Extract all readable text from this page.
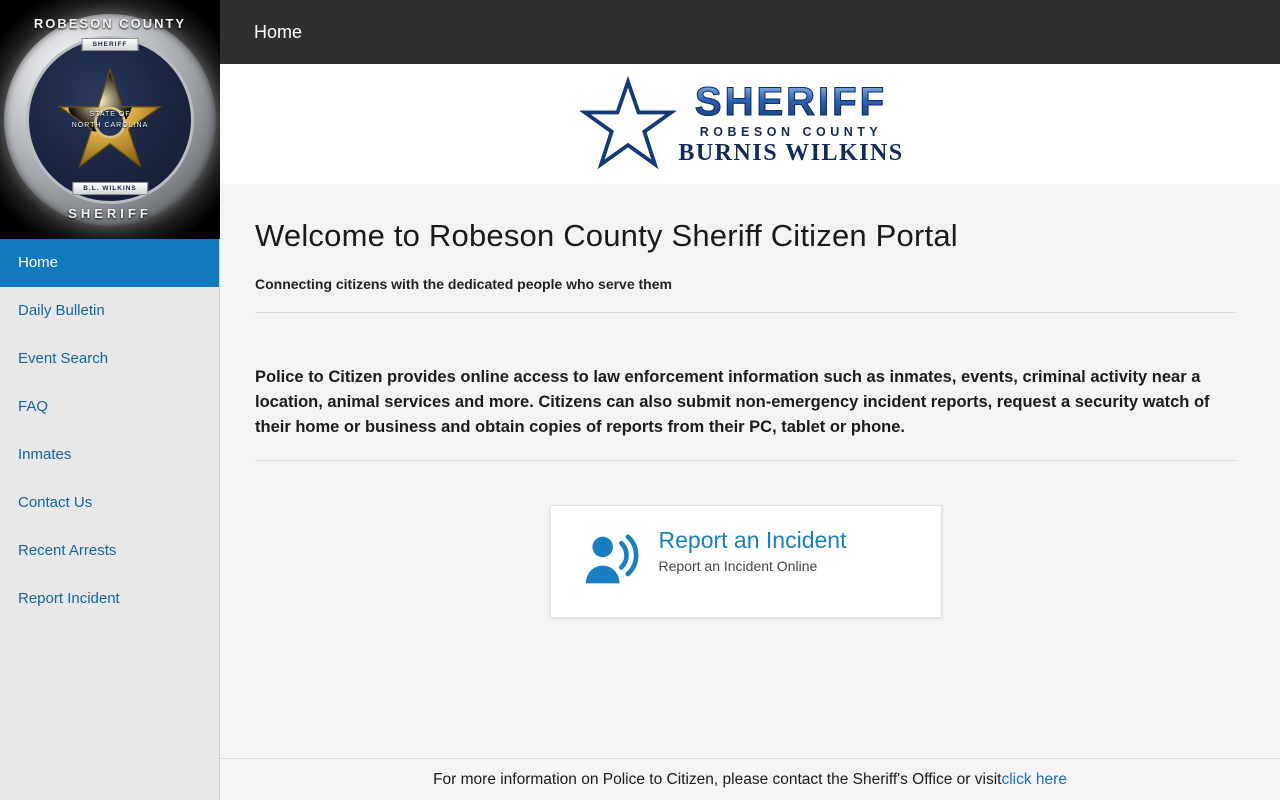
STATE OF
NORTH CAROLINA
SHERIFF
B.L. WILKINS
ROBESON COUNTY
SHERIFF
Home
Daily Bulletin
Event Search
FAQ
Inmates
Contact Us
Recent Arrests
Report Incident
Home
SHERIFF
ROBESON COUNTY
BURNIS WILKINS
Welcome to Robeson County Sheriff Citizen Portal

Connecting citizens with the dedicated people who serve them

Police to Citizen provides online access to law enforcement information such as inmates, events, criminal activity near a location, animal services and more. Citizens can also submit non-emergency incident reports, request a security watch of their home or business and obtain copies of reports from their PC, tablet or phone.

Report an Incident
Report an Incident Online
For more information on Police to Citizen, please contact the Sheriff's Office or visit click here
